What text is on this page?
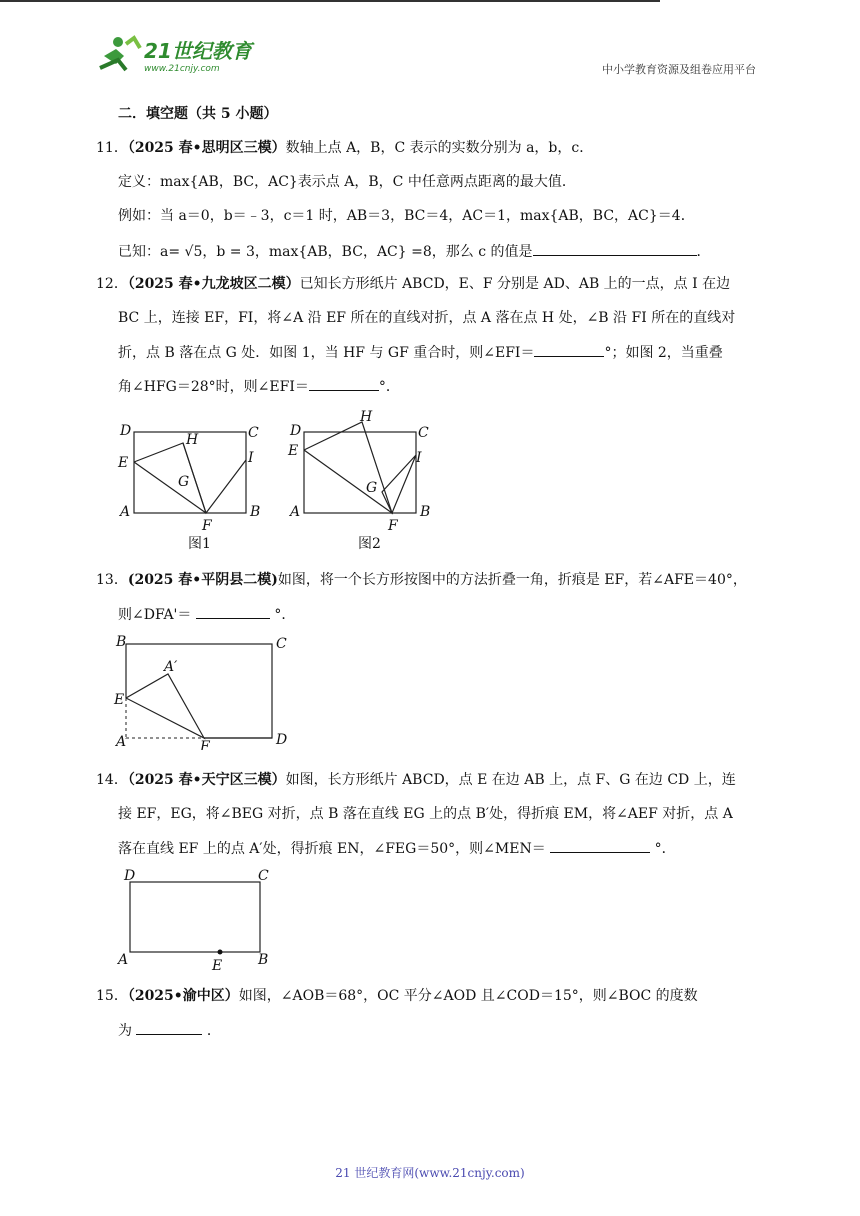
21世纪教育
www.21cnjy.com	中小学教育资源及组卷应用平台
二．填空题（共 5 小题）
11．（2025 春•思明区三模）数轴上点 A，B，C 表示的实数分别为 a，b，c．
定义：max{AB，BC，AC}表示点 A，B，C 中任意两点距离的最大值．
例如：当 a＝0，b＝﹣3，c＝1 时，AB＝3，BC＝4，AC＝1，max{AB，BC，AC}＝4．
已知：a= √5，b = 3，max{AB，BC，AC} =8，那么 c 的值是	．
12．（2025 春•九龙坡区二模）已知长方形纸片 ABCD，E、F 分别是 AD、AB 上的一点，点 I 在边
BC 上，连接 EF，FI，将∠A 沿 EF 所在的直线对折，点 A 落在点 H 处，∠B 沿 FI 所在的直线对
折，点 B 落在点 G 处．如图 1，当 HF 与 GF 重合时，则∠EFI＝	°；如图 2，当重叠
角∠HFG＝28°时，则∠EFI＝	°．
D	C
E
H
G
I
A
F
B
图1
D	C
E
H
G
I
A
F
B
图2
13．(2025 春•平阴县二模)如图，将一个长方形按图中的方法折叠一角，折痕是 EF，若∠AFE＝40°，
则∠DFA'＝	°．
B	C
A′
E
A	F	D
14．（2025 春•天宁区三模）如图，长方形纸片 ABCD，点 E 在边 AB 上，点 F、G 在边 CD 上，连
接 EF，EG，将∠BEG 对折，点 B 落在直线 EG 上的点 B′处，得折痕 EM，将∠AEF 对折，点 A
落在直线 EF 上的点 A′处，得折痕 EN，∠FEG＝50°，则∠MEN＝	°．
D	C
A	E	B
15．（2025•渝中区）如图，∠AOB＝68°，OC 平分∠AOD 且∠COD＝15°，则∠BOC 的度数
为	．
21 世纪教育网(www.21cnjy.com)
